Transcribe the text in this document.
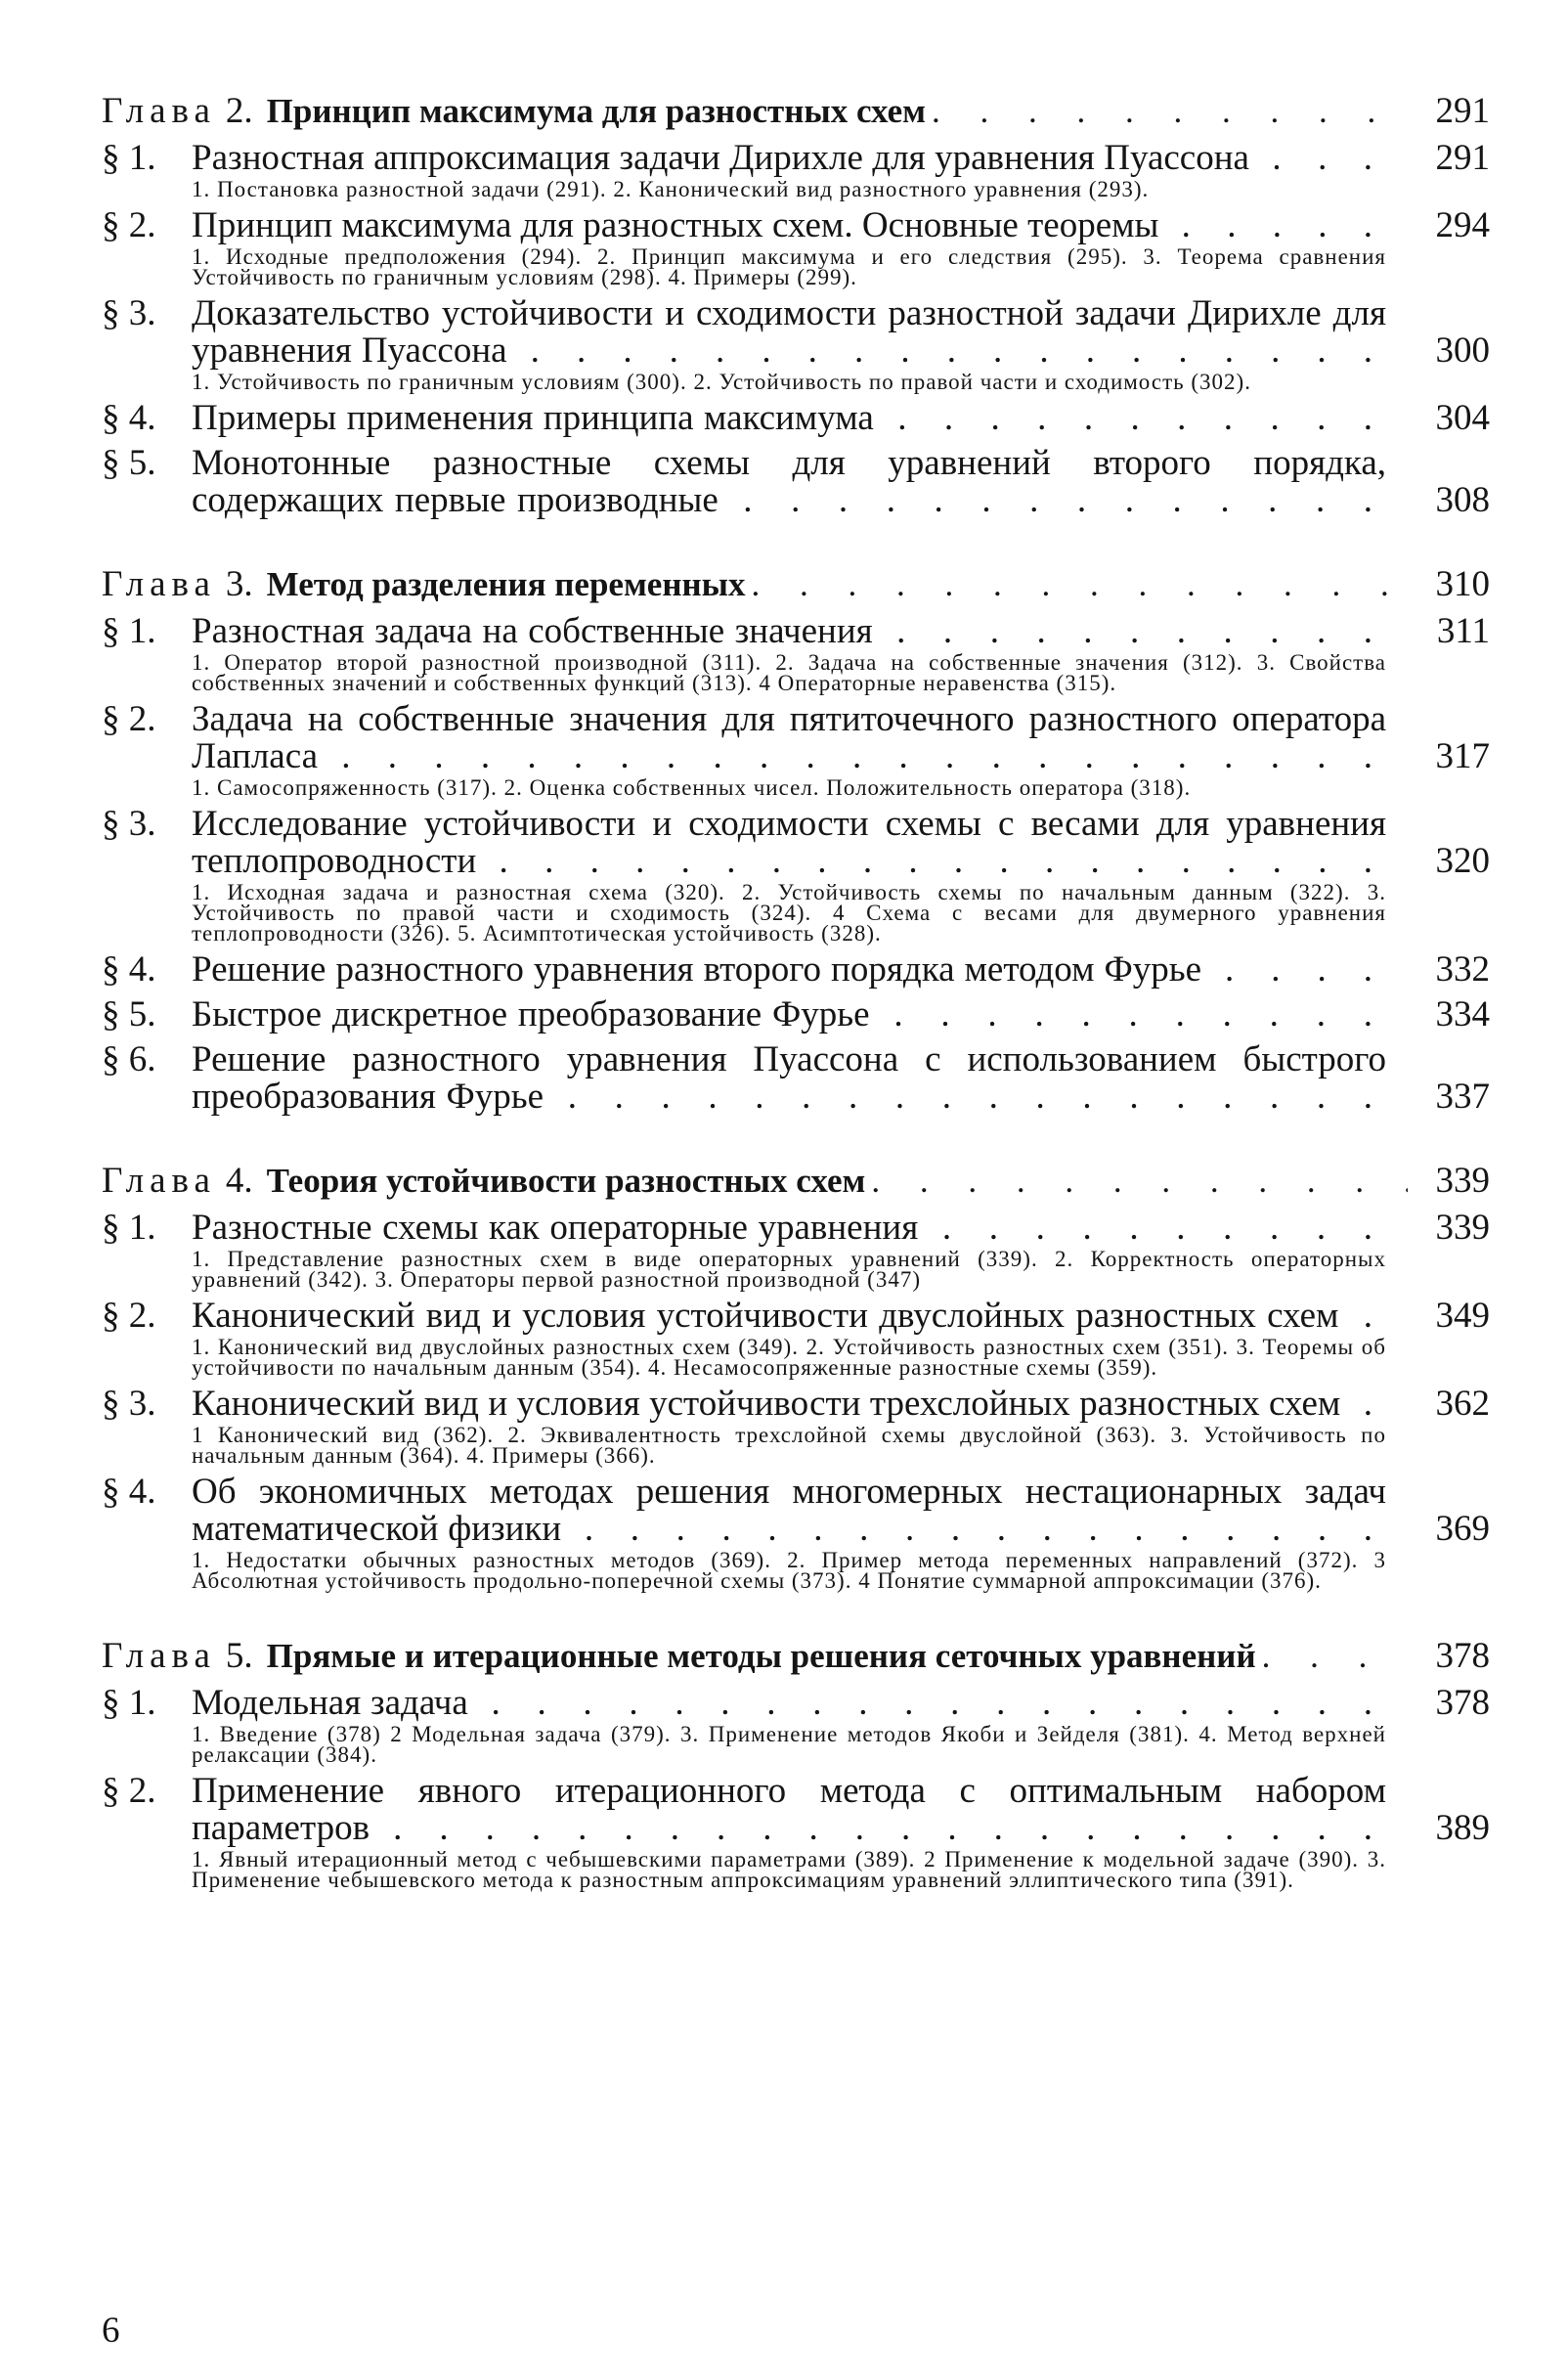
Глава 2. Принцип максимума для разностных схем . . .	291
§ 1. Разностная аппроксимация задачи Дирихле для уравнения Пуассона . . .	291
1. Постановка разностной задачи (291). 2. Канонический вид разностного уравнения (293).
§ 2. Принцип максимума для разностных схем. Основные теоремы . . .	294
1. Исходные предположения (294). 2. Принцип максимума и его следствия (295). 3. Теорема сравнения Устойчивость по граничным условиям (298). 4. Примеры (299).
§ 3. Доказательство устойчивости и сходимости разностной задачи Дирихле для уравнения Пуассона . . .	300
1. Устойчивость по граничным условиям (300). 2. Устойчивость по правой части и сходимость (302).
§ 4. Примеры применения принципа максимума . . .	304
§ 5. Монотонные разностные схемы для уравнений второго порядка, содержащих первые производные . . .	308
Глава 3. Метод разделения переменных . . .	310
§ 1. Разностная задача на собственные значения . . .	311
1. Оператор второй разностной производной (311). 2. Задача на собственные значения (312). 3. Свойства собственных значений и собственных функций (313). 4 Операторные неравенства (315).
§ 2. Задача на собственные значения для пятиточечного разностного оператора Лапласа . . .	317
1. Самосопряженность (317). 2. Оценка собственных чисел. Положительность оператора (318).
§ 3. Исследование устойчивости и сходимости схемы с весами для уравнения теплопроводности . . .	320
1. Исходная задача и разностная схема (320). 2. Устойчивость схемы по начальным данным (322). 3. Устойчивость по правой части и сходимость (324). 4 Схема с весами для двумерного уравнения теплопроводности (326). 5. Асимптотическая устойчивость (328).
§ 4. Решение разностного уравнения второго порядка методом Фурье . . .	332
§ 5. Быстрое дискретное преобразование Фурье . . .	334
§ 6. Решение разностного уравнения Пуассона с использованием быстрого преобразования Фурье . . .	337
Глава 4. Теория устойчивости разностных схем . . .	339
§ 1. Разностные схемы как операторные уравнения . . .	339
1. Представление разностных схем в виде операторных уравнений (339). 2. Корректность операторных уравнений (342). 3. Операторы первой разностной производной (347)
§ 2. Канонический вид и условия устойчивости двуслойных разностных схем . . .	349
1. Канонический вид двуслойных разностных схем (349). 2. Устойчивость разностных схем (351). 3. Теоремы об устойчивости по начальным данным (354). 4. Несамосопряженные разностные схемы (359).
§ 3. Канонический вид и условия устойчивости трехслойных разностных схем . . .	362
1 Канонический вид (362). 2. Эквивалентность трехслойной схемы двуслойной (363). 3. Устойчивость по начальным данным (364). 4. Примеры (366).
§ 4. Об экономичных методах решения многомерных нестационарных задач математической физики . . .	369
1. Недостатки обычных разностных методов (369). 2. Пример метода переменных направлений (372). 3 Абсолютная устойчивость продольно-поперечной схемы (373). 4 Понятие суммарной аппроксимации (376).
Глава 5. Прямые и итерационные методы решения сеточных уравнений . . .	378
§ 1. Модельная задача . . .	378
1. Введение (378) 2 Модельная задача (379). 3. Применение методов Якоби и Зейделя (381). 4. Метод верхней релаксации (384).
§ 2. Применение явного итерационного метода с оптимальным набором параметров . . .	389
1. Явный итерационный метод с чебышевскими параметрами (389). 2 Применение к модельной задаче (390). 3. Применение чебышевского метода к разностным аппроксимациям уравнений эллиптического типа (391).
6
